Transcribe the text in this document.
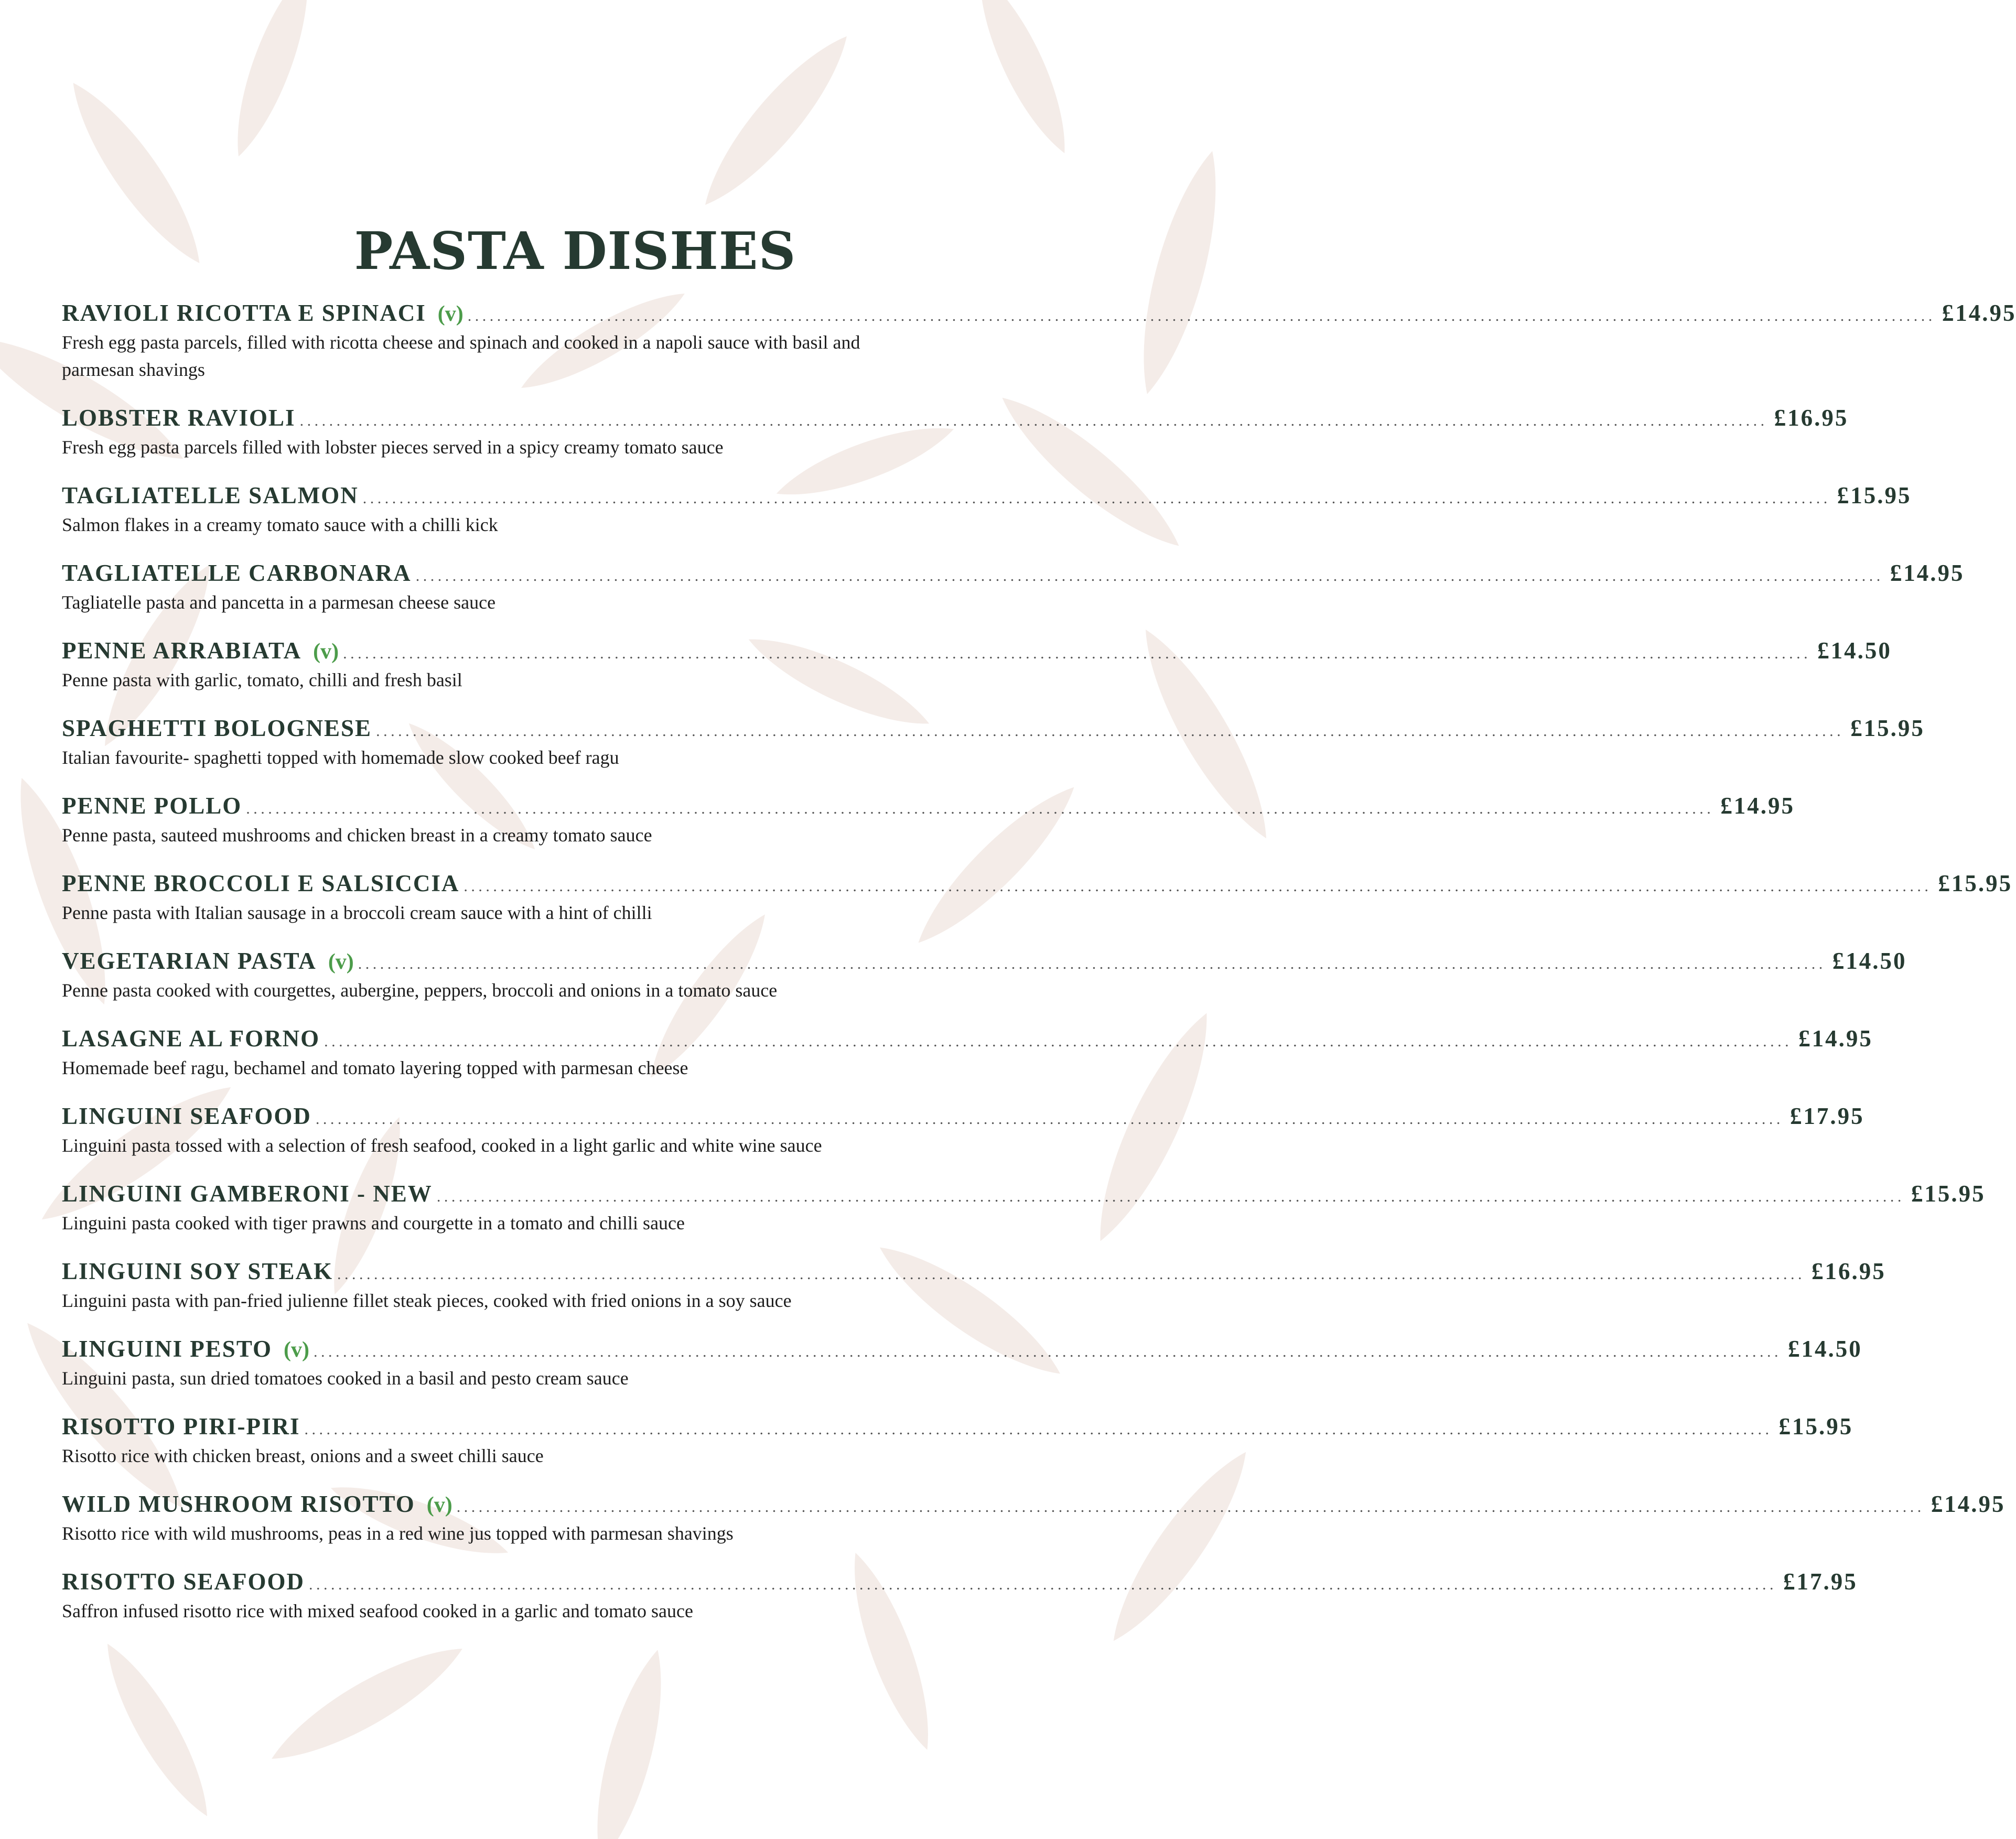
PASTA DISHES
RAVIOLI RICOTTA E SPINACI (v) ........................................................................................................................................................................................................ £14.95
Fresh egg pasta parcels, filled with ricotta cheese and spinach and cooked in a napoli sauce with basil and parmesan shavings
LOBSTER RAVIOLI ........................................................................................................................................................................................................ £16.95
Fresh egg pasta parcels filled with lobster pieces served in a spicy creamy tomato sauce
TAGLIATELLE SALMON ........................................................................................................................................................................................................ £15.95
Salmon flakes in a creamy tomato sauce with a chilli kick
TAGLIATELLE CARBONARA ........................................................................................................................................................................................................ £14.95
Tagliatelle pasta and pancetta in a parmesan cheese sauce
PENNE ARRABIATA (v) ........................................................................................................................................................................................................ £14.50
Penne pasta with garlic, tomato, chilli and fresh basil
SPAGHETTI BOLOGNESE ........................................................................................................................................................................................................ £15.95
Italian favourite- spaghetti topped with homemade slow cooked beef ragu
PENNE POLLO ........................................................................................................................................................................................................ £14.95
Penne pasta, sauteed mushrooms and chicken breast in a creamy tomato sauce
PENNE BROCCOLI E SALSICCIA ........................................................................................................................................................................................................ £15.95
Penne pasta with Italian sausage in a broccoli cream sauce with a hint of chilli
VEGETARIAN PASTA (v) ........................................................................................................................................................................................................ £14.50
Penne pasta cooked with courgettes, aubergine, peppers, broccoli and onions in a tomato sauce
LASAGNE AL FORNO ........................................................................................................................................................................................................ £14.95
Homemade beef ragu, bechamel and tomato layering topped with parmesan cheese
LINGUINI SEAFOOD ........................................................................................................................................................................................................ £17.95
Linguini pasta tossed with a selection of fresh seafood, cooked in a light garlic and white wine sauce
LINGUINI GAMBERONI - NEW ........................................................................................................................................................................................................ £15.95
Linguini pasta cooked with tiger prawns and courgette in a tomato and chilli sauce
LINGUINI SOY STEAK ........................................................................................................................................................................................................ £16.95
Linguini pasta with pan-fried julienne fillet steak pieces, cooked with fried onions in a soy sauce
LINGUINI PESTO (v) ........................................................................................................................................................................................................ £14.50
Linguini pasta, sun dried tomatoes cooked in a basil and pesto cream sauce
RISOTTO PIRI-PIRI ........................................................................................................................................................................................................ £15.95
Risotto rice with chicken breast, onions and a sweet chilli sauce
WILD MUSHROOM RISOTTO (v) ........................................................................................................................................................................................................ £14.95
Risotto rice with wild mushrooms, peas in a red wine jus topped with parmesan shavings
RISOTTO SEAFOOD ........................................................................................................................................................................................................ £17.95
Saffron infused risotto rice with mixed seafood cooked in a garlic and tomato sauce
